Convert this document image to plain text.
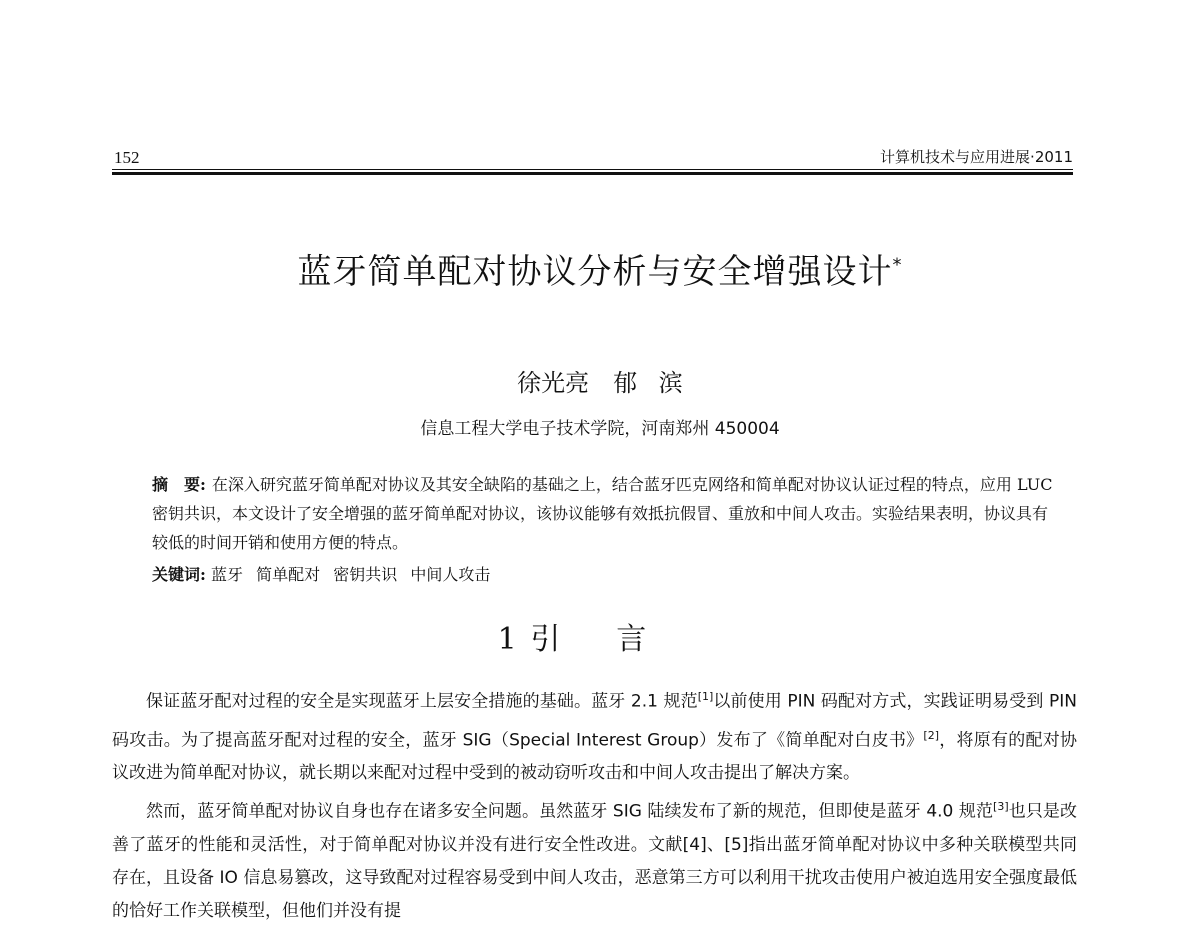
152	计算机技术与应用进展·2011
蓝牙简单配对协议分析与安全增强设计*
徐光亮　郁 滨
信息工程大学电子技术学院，河南郑州 450004
摘　要: 在深入研究蓝牙简单配对协议及其安全缺陷的基础之上，结合蓝牙匹克网络和简单配对协议认证过程的特点，应用 LUC 密钥共识，本文设计了安全增强的蓝牙简单配对协议，该协议能够有效抵抗假冒、重放和中间人攻击。实验结果表明，协议具有较低的时间开销和使用方便的特点。
关键词: 蓝牙 简单配对 密钥共识 中间人攻击
1 引言

保证蓝牙配对过程的安全是实现蓝牙上层安全措施的基础。蓝牙 2.1 规范[1]以前使用 PIN 码配对方式，实践证明易受到 PIN 码攻击。为了提高蓝牙配对过程的安全，蓝牙 SIG（Special Interest Group）发布了《简单配对白皮书》[2]，将原有的配对协议改进为简单配对协议，就长期以来配对过程中受到的被动窃听攻击和中间人攻击提出了解决方案。

然而，蓝牙简单配对协议自身也存在诸多安全问题。虽然蓝牙 SIG 陆续发布了新的规范，但即使是蓝牙 4.0 规范[3]也只是改善了蓝牙的性能和灵活性，对于简单配对协议并没有进行安全性改进。文献[4]、[5]指出蓝牙简单配对协议中多种关联模型共同存在，且设备 IO 信息易篡改，这导致配对过程容易受到中间人攻击，恶意第三方可以利用干扰攻击使用户被迫选用安全强度最低的恰好工作关联模型，但他们并没有提
